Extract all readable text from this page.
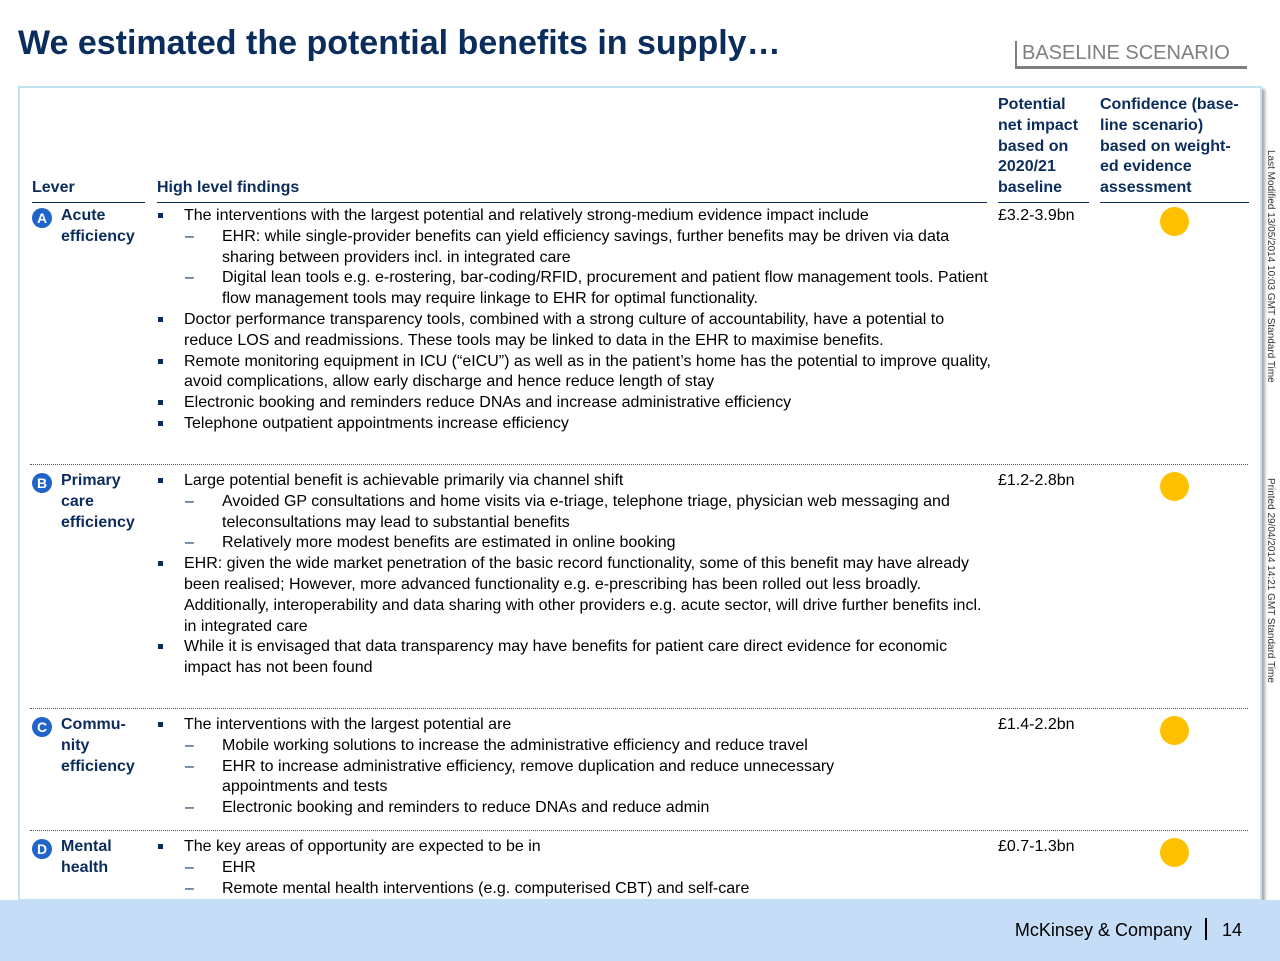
We estimated the potential benefits in supply…	BASELINE SCENARIO
Lever	High level findings
Potential net impact based on 2020/21 baseline
Confidence (base-line scenario) based on weight-ed evidence assessment
A Acute efficiency
The interventions with the largest potential and relatively strong-medium evidence impact include
– EHR: while single-provider benefits can yield efficiency savings, further benefits may be driven via data sharing between providers incl. in integrated care
– Digital lean tools e.g. e-rostering, bar-coding/RFID, procurement and patient flow management tools. Patient flow management tools may require linkage to EHR for optimal functionality.
Doctor performance transparency tools, combined with a strong culture of accountability, have a potential to reduce LOS and readmissions. These tools may be linked to data in the EHR to maximise benefits.
Remote monitoring equipment in ICU (“eICU”) as well as in the patient’s home has the potential to improve quality, avoid complications, allow early discharge and hence reduce length of stay
Electronic booking and reminders reduce DNAs and increase administrative efficiency
Telephone outpatient appointments increase efficiency
£3.2-3.9bn
B Primary care efficiency
Large potential benefit is achievable primarily via channel shift
– Avoided GP consultations and home visits via e-triage, telephone triage, physician web messaging and teleconsultations may lead to substantial benefits
– Relatively more modest benefits are estimated in online booking
EHR: given the wide market penetration of the basic record functionality, some of this benefit may have already been realised; However, more advanced functionality e.g. e-prescribing has been rolled out less broadly. Additionally, interoperability and data sharing with other providers e.g. acute sector, will drive further benefits incl. in integrated care
While it is envisaged that data transparency may have benefits for patient care direct evidence for economic impact has not been found
£1.2-2.8bn
C Commu-nity efficiency
The interventions with the largest potential are
– Mobile working solutions to increase the administrative efficiency and reduce travel
– EHR to increase administrative efficiency, remove duplication and reduce unnecessary appointments and tests
– Electronic booking and reminders to reduce DNAs and reduce admin
£1.4-2.2bn
D Mental health
The key areas of opportunity are expected to be in
– EHR
– Remote mental health interventions (e.g. computerised CBT) and self-care
£0.7-1.3bn
Last Modified 13/05/2014 10:03 GMT Standard Time
Printed 29/04/2014 14:21 GMT Standard Time
McKinsey & Company 14
